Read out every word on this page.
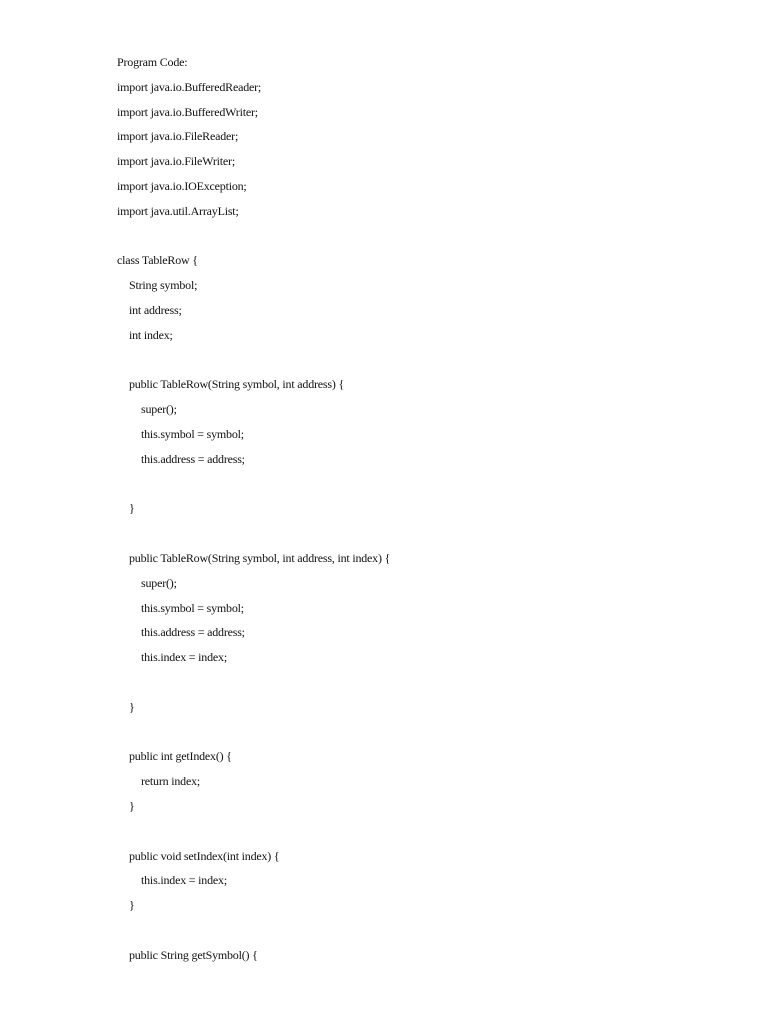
Program Code:
import java.io.BufferedReader;
import java.io.BufferedWriter;
import java.io.FileReader;
import java.io.FileWriter;
import java.io.IOException;
import java.util.ArrayList;

class TableRow {
String symbol;
int address;
int index;

public TableRow(String symbol, int address) {
super();
this.symbol = symbol;
this.address = address;

}

public TableRow(String symbol, int address, int index) {
super();
this.symbol = symbol;
this.address = address;
this.index = index;

}

public int getIndex() {
return index;
}

public void setIndex(int index) {
this.index = index;
}

public String getSymbol() {
